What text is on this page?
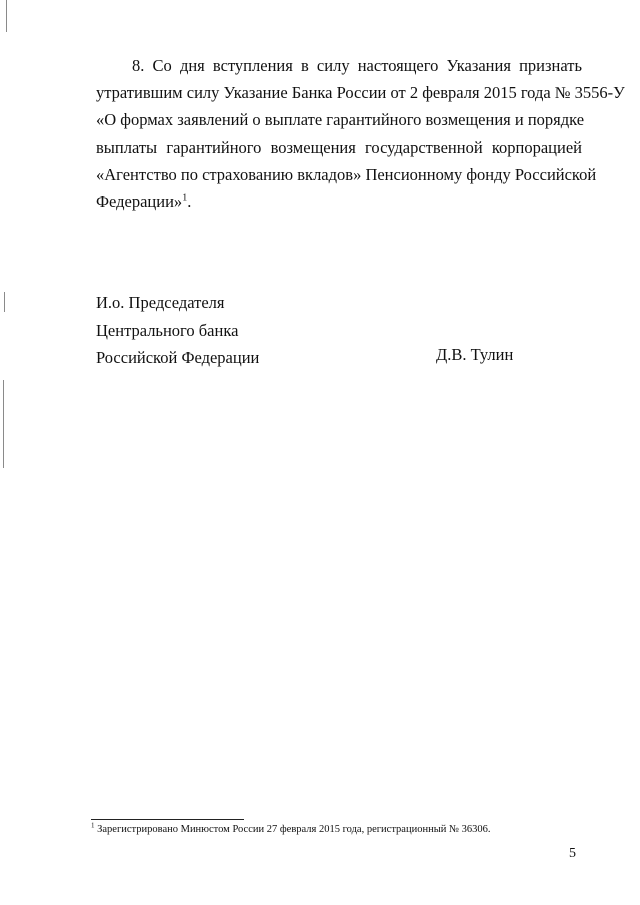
8. Со дня вступления в силу настоящего Указания признать
утратившим силу Указание Банка России от 2 февраля 2015 года № 3556-У
«О формах заявлений о выплате гарантийного возмещения и порядке
выплаты гарантийного возмещения государственной корпорацией
«Агентство по страхованию вкладов» Пенсионному фонду Российской
Федерации»$^1$.
И.о. Председателя
Центрального банка
Российской Федерации	Д.В. Тулин
$^1$ Зарегистрировано Минюстом России 27 февраля 2015 года, регистрационный № 36306.
5
